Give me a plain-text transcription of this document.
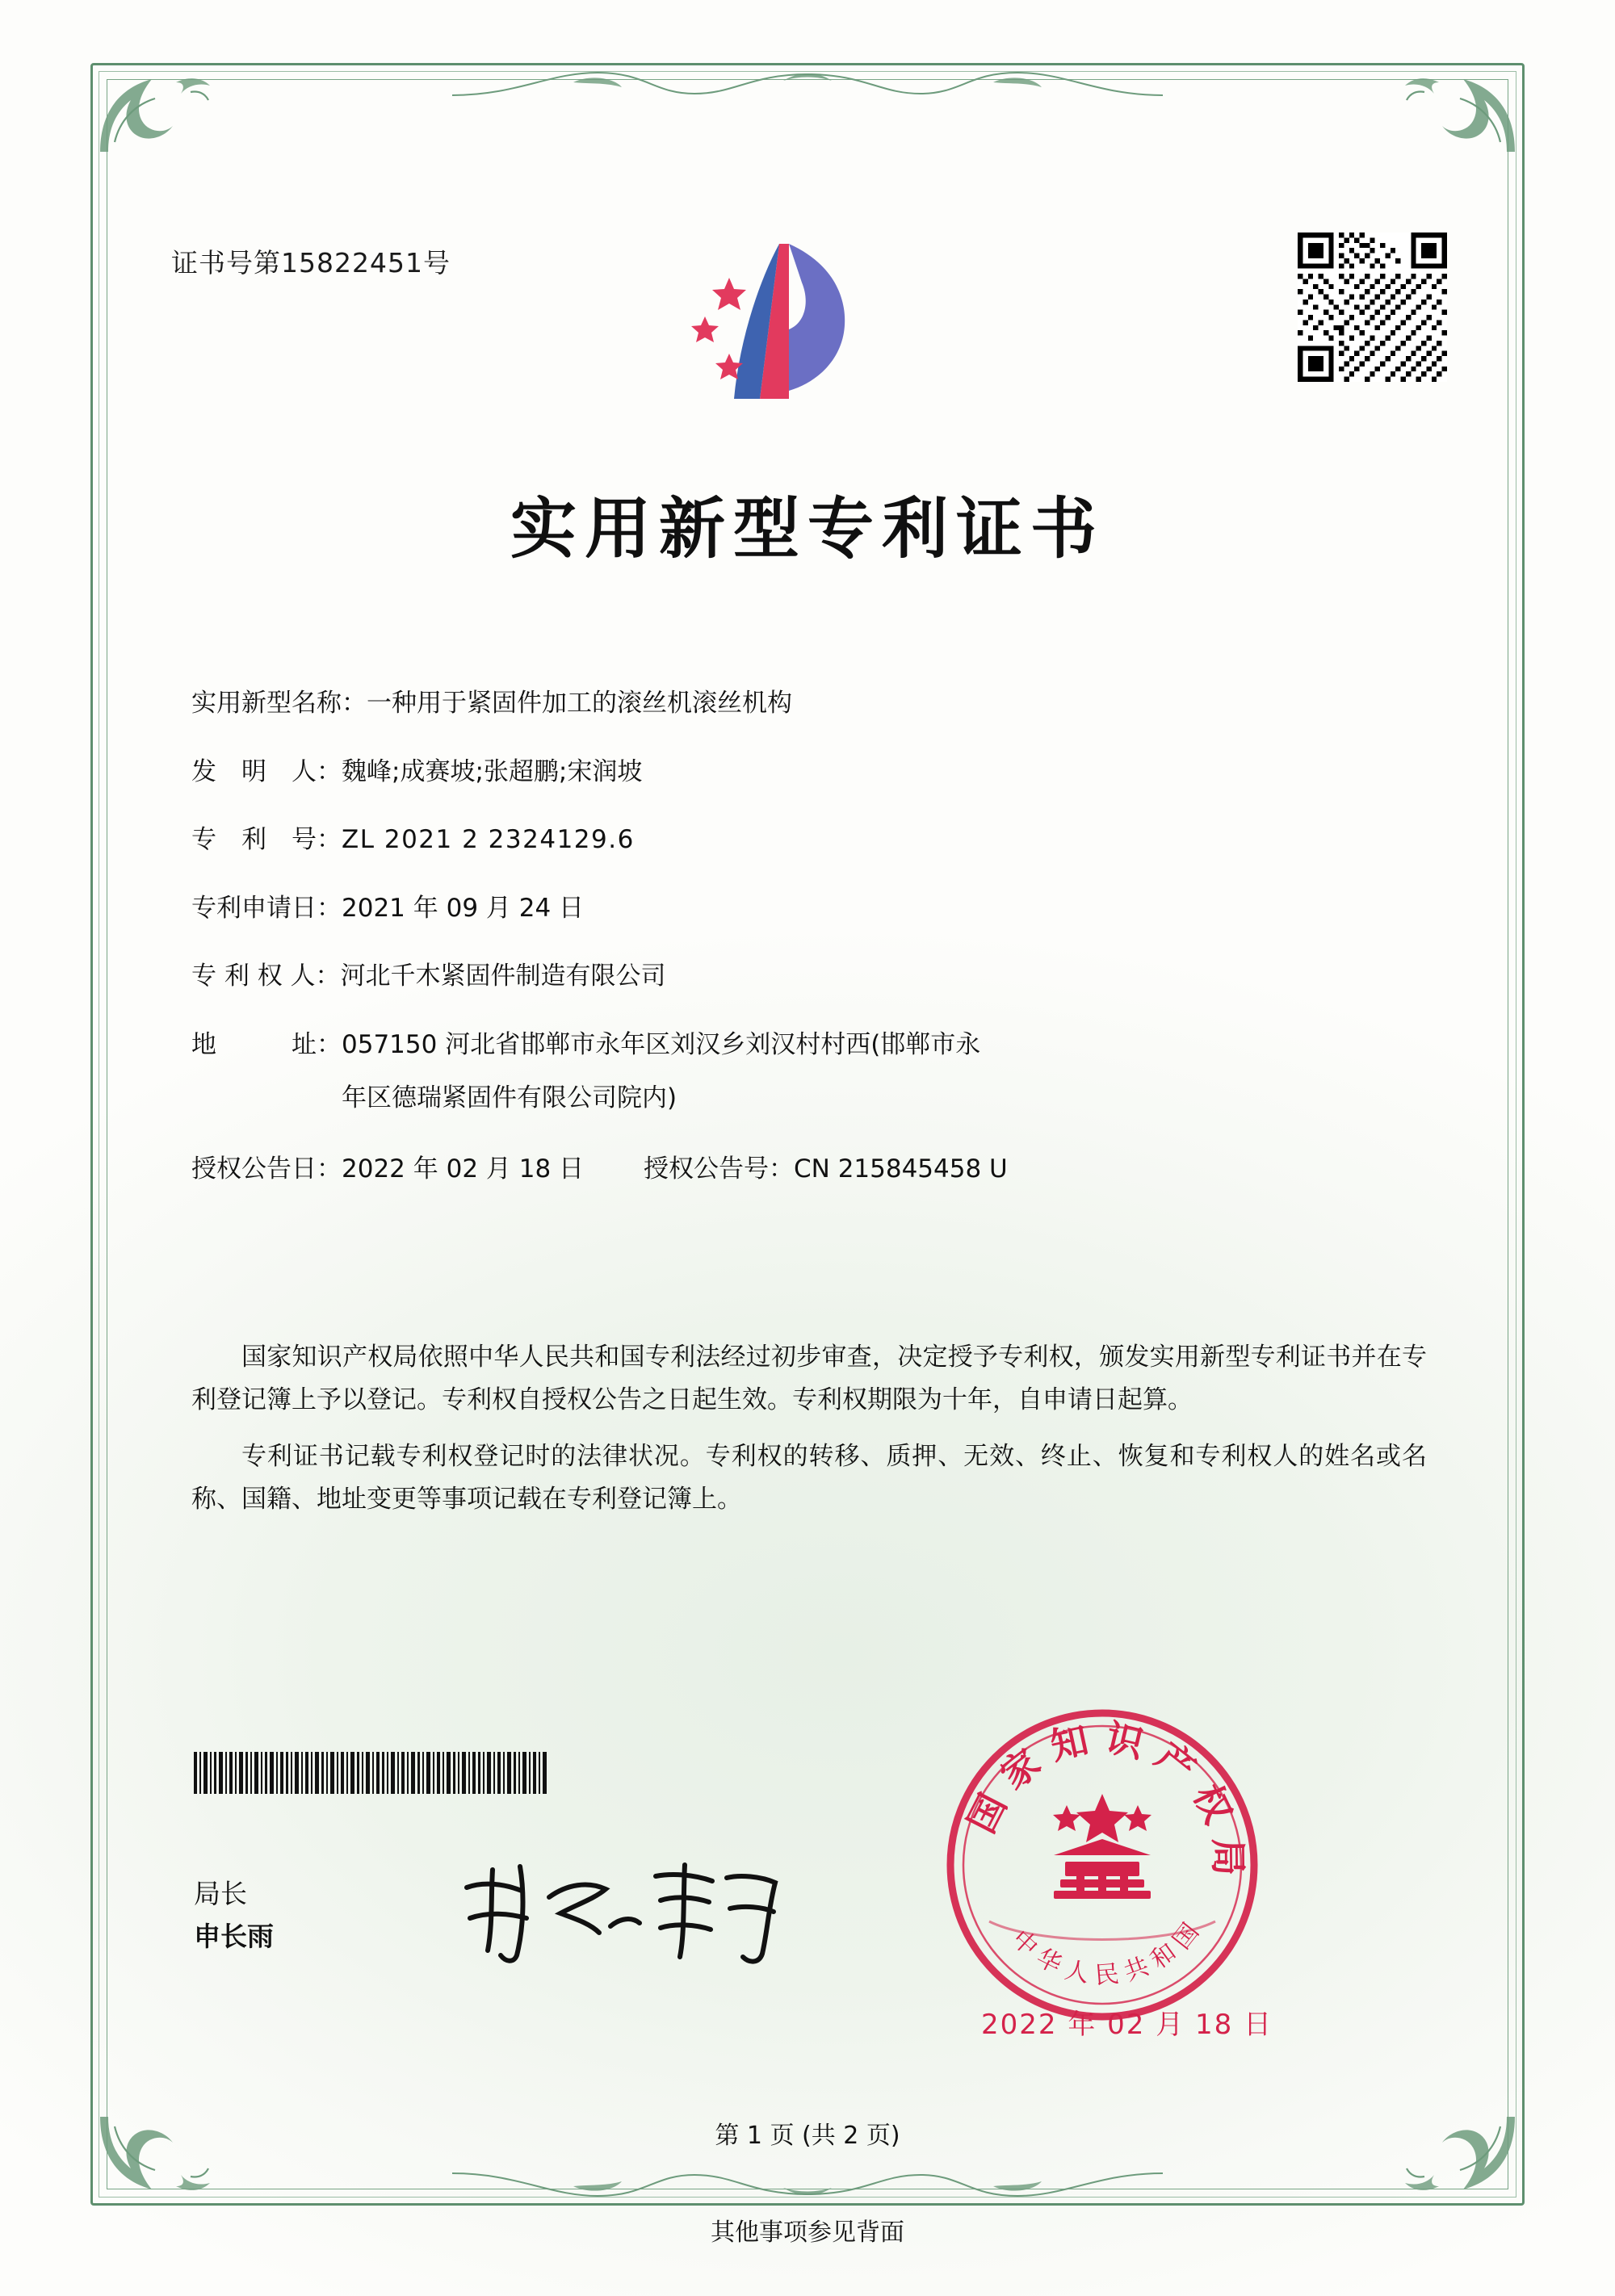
证书号第15822451号
实用新型专利证书
实用新型名称： 一种用于紧固件加工的滚丝机滚丝机构
发　明　人： 魏峰;成赛坡;张超鹏;宋润坡
专　利　号： ZL 2021 2 2324129.6
专利申请日： 2021 年 09 月 24 日
专 利 权 人： 河北千木紧固件制造有限公司
地　　　址： 057150 河北省邯郸市永年区刘汉乡刘汉村村西(邯郸市永
年区德瑞紧固件有限公司院内)
授权公告日：2022 年 02 月 18 日	授权公告号：CN 215845458 U
国家知识产权局依照中华人民共和国专利法经过初步审查，决定授予专利权，颁发实用新型专利证书并在专利登记簿上予以登记。专利权自授权公告之日起生效。专利权期限为十年，自申请日起算。
专利证书记载专利权登记时的法律状况。专利权的转移、质押、无效、终止、恢复和专利权人的姓名或名称、国籍、地址变更等事项记载在专利登记簿上。
局长
申长雨
国家知识产权局
中华人民共和国
2022 年 02 月 18 日
第 1 页 (共 2 页)
其他事项参见背面
